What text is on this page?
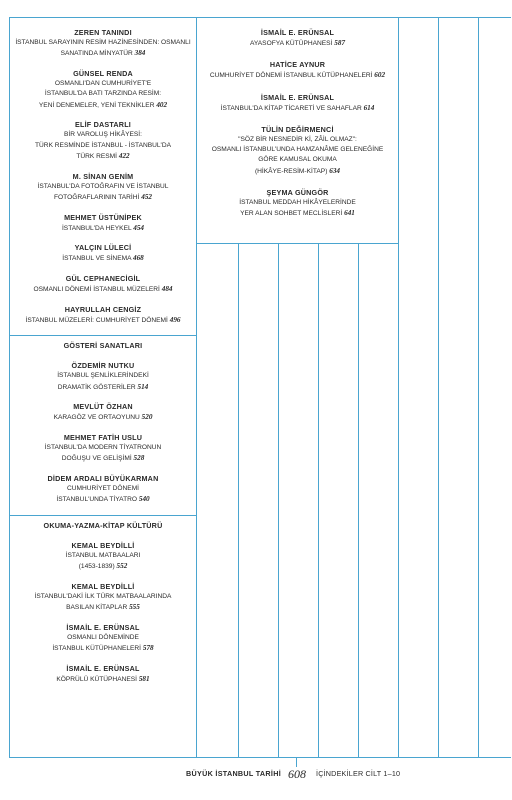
ZEREN TANINDI
İSTANBUL SARAYININ RESİM HAZİNESİNDEN: OSMANLI
SANATINDA MİNYATÜR 384
GÜNSEL RENDA
OSMANLI'DAN CUMHURİYET'E
İSTANBUL'DA BATI TARZINDA RESİM:
YENİ DENEMELER, YENİ TEKNİKLER 402
ELİF DASTARLI
BİR VAROLUŞ HİKÂYESİ:
TÜRK RESMİNDE İSTANBUL - İSTANBUL'DA
TÜRK RESMİ 422
M. SİNAN GENİM
İSTANBUL'DA FOTOĞRAFIN VE İSTANBUL
FOTOĞRAFLARININ TARİHİ 452
MEHMET ÜSTÜNİPEK
İSTANBUL'DA HEYKEL 454
YALÇIN LÜLECİ
İSTANBUL VE SİNEMA 468
GÜL CEPHANECİGİL
OSMANLI DÖNEMİ İSTANBUL MÜZELERİ 484
HAYRULLAH CENGİZ
İSTANBUL MÜZELERİ: CUMHURİYET DÖNEMİ 496
GÖSTERİ SANATLARI
ÖZDEMİR NUTKU
İSTANBUL ŞENLİKLERİNDEKİ
DRAMATİK GÖSTERİLER 514
MEVLÜT ÖZHAN
KARAGÖZ VE ORTAOYUNU 520
MEHMET FATİH USLU
İSTANBUL'DA MODERN TİYATRONUN
DOĞUŞU VE GELİŞİMİ 528
DİDEM ARDALI BÜYÜKARMAN
CUMHURİYET DÖNEMİ
İSTANBUL'UNDA TİYATRO 540
OKUMA-YAZMA-KİTAP KÜLTÜRÜ
KEMAL BEYDİLLİ
İSTANBUL MATBAALARI
(1453-1839) 552
KEMAL BEYDİLLİ
İSTANBUL'DAKİ İLK TÜRK MATBAALARINDA
BASILAN KİTAPLAR 555
İSMAİL E. ERÜNSAL
OSMANLI DÖNEMİNDE
İSTANBUL KÜTÜPHANELERİ 578
İSMAİL E. ERÜNSAL
KÖPRÜLÜ KÜTÜPHANESİ 581
İSMAİL E. ERÜNSAL
AYASOFYA KÜTÜPHANESİ 587
HATİCE AYNUR
CUMHURİYET DÖNEMİ İSTANBUL KÜTÜPHANELERİ 602
İSMAİL E. ERÜNSAL
İSTANBUL'DA KİTAP TİCARETİ VE SAHAFLAR 614
TÜLİN DEĞİRMENCİ
"SÖZ BİR NESNEDİR Kİ, ZÂİL OLMAZ":
OSMANLI İSTANBUL'UNDA HAMZANÂME GELENEĞİNE
GÖRE KAMUSAL OKUMA
(HİKÂYE-RESİM-KİTAP) 634
ŞEYMA GÜNGÖR
İSTANBUL MEDDAH HİKÂYELERİNDE
YER ALAN SOHBET MECLİSLERİ 641
BÜYÜK İSTANBUL TARİHİ 608	İÇİNDEKİLER CİLT 1–10
